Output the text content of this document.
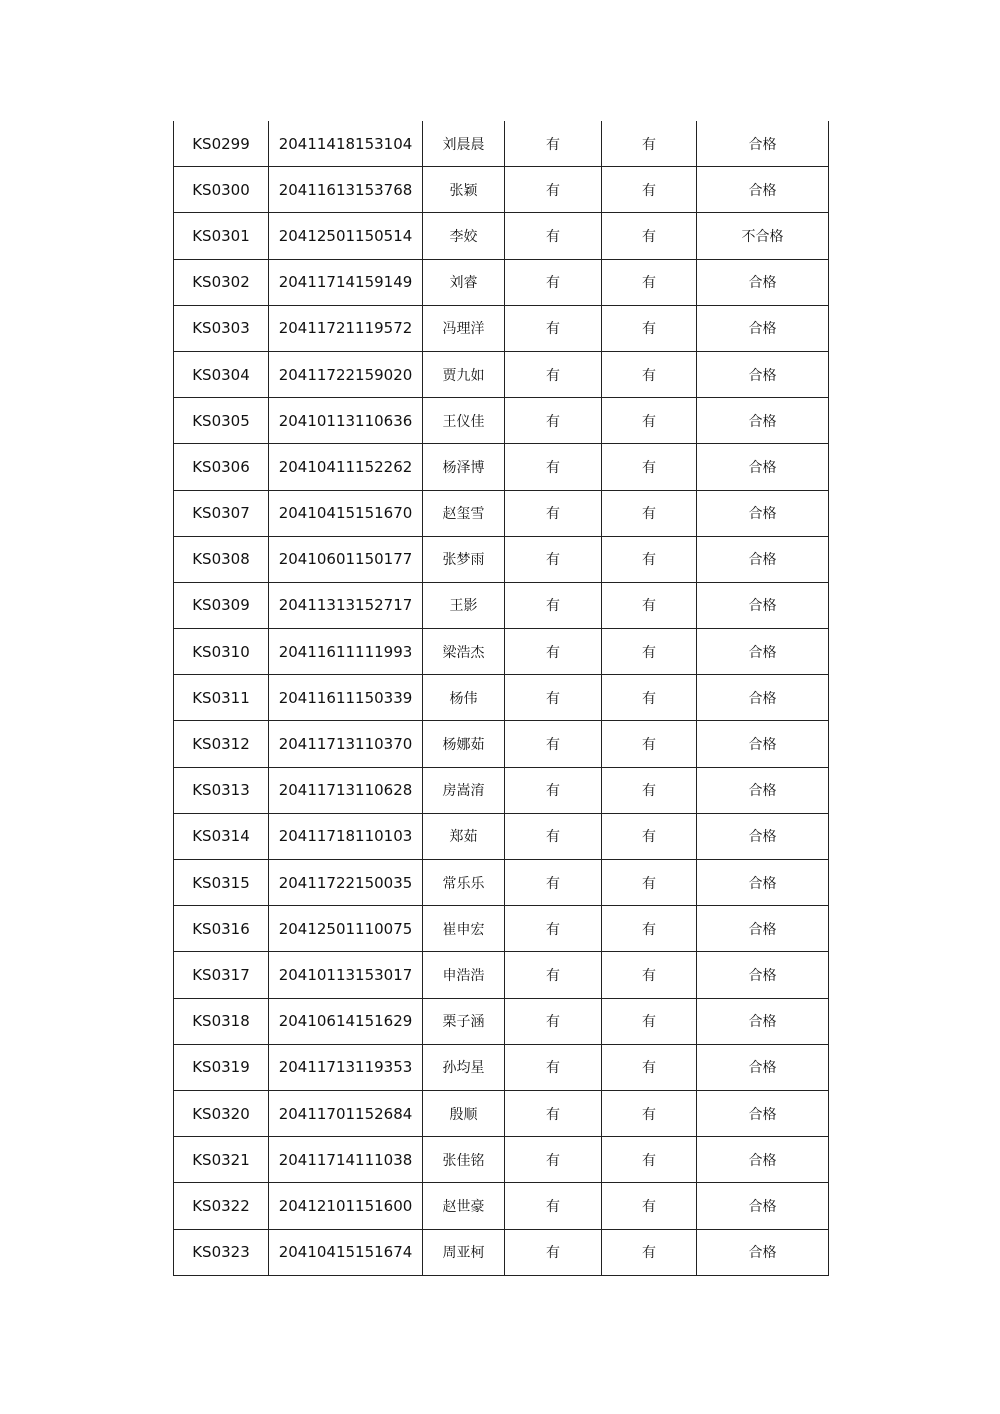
KS0299	20411418153104	刘晨晨	有	有	合格
KS0300	20411613153768	张颖	有	有	合格
KS0301	20412501150514	李姣	有	有	不合格
KS0302	20411714159149	刘睿	有	有	合格
KS0303	20411721119572	冯理洋	有	有	合格
KS0304	20411722159020	贾九如	有	有	合格
KS0305	20410113110636	王仪佳	有	有	合格
KS0306	20410411152262	杨泽博	有	有	合格
KS0307	20410415151670	赵玺雪	有	有	合格
KS0308	20410601150177	张梦雨	有	有	合格
KS0309	20411313152717	王影	有	有	合格
KS0310	20411611111993	梁浩杰	有	有	合格
KS0311	20411611150339	杨伟	有	有	合格
KS0312	20411713110370	杨娜茹	有	有	合格
KS0313	20411713110628	房嵩淯	有	有	合格
KS0314	20411718110103	郑茹	有	有	合格
KS0315	20411722150035	常乐乐	有	有	合格
KS0316	20412501110075	崔申宏	有	有	合格
KS0317	20410113153017	申浩浩	有	有	合格
KS0318	20410614151629	栗子涵	有	有	合格
KS0319	20411713119353	孙均星	有	有	合格
KS0320	20411701152684	殷顺	有	有	合格
KS0321	20411714111038	张佳铭	有	有	合格
KS0322	20412101151600	赵世豪	有	有	合格
KS0323	20410415151674	周亚柯	有	有	合格
